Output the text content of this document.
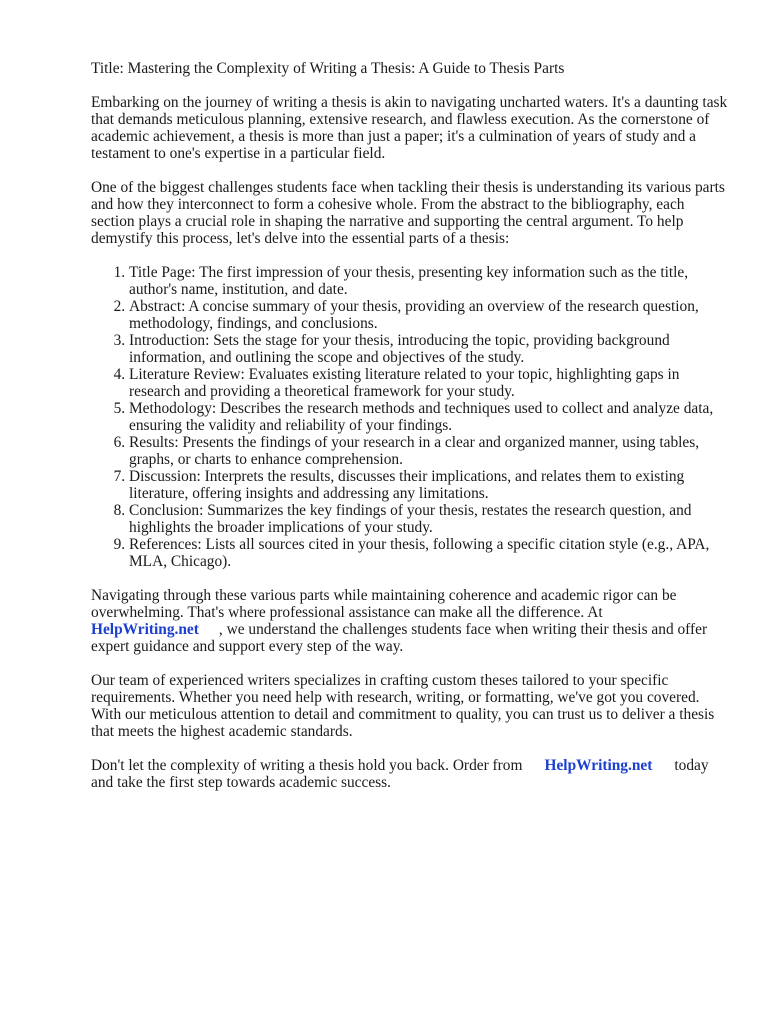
Title: Mastering the Complexity of Writing a Thesis: A Guide to Thesis Parts

Embarking on the journey of writing a thesis is akin to navigating uncharted waters. It's a daunting task that demands meticulous planning, extensive research, and flawless execution. As the cornerstone of academic achievement, a thesis is more than just a paper; it's a culmination of years of study and a testament to one's expertise in a particular field.

One of the biggest challenges students face when tackling their thesis is understanding its various parts and how they interconnect to form a cohesive whole. From the abstract to the bibliography, each section plays a crucial role in shaping the narrative and supporting the central argument. To help demystify this process, let's delve into the essential parts of a thesis:

1. Title Page: The first impression of your thesis, presenting key information such as the title, author's name, institution, and date.
2. Abstract: A concise summary of your thesis, providing an overview of the research question, methodology, findings, and conclusions.
3. Introduction: Sets the stage for your thesis, introducing the topic, providing background information, and outlining the scope and objectives of the study.
4. Literature Review: Evaluates existing literature related to your topic, highlighting gaps in research and providing a theoretical framework for your study.
5. Methodology: Describes the research methods and techniques used to collect and analyze data, ensuring the validity and reliability of your findings.
6. Results: Presents the findings of your research in a clear and organized manner, using tables, graphs, or charts to enhance comprehension.
7. Discussion: Interprets the results, discusses their implications, and relates them to existing literature, offering insights and addressing any limitations.
8. Conclusion: Summarizes the key findings of your thesis, restates the research question, and highlights the broader implications of your study.
9. References: Lists all sources cited in your thesis, following a specific citation style (e.g., APA, MLA, Chicago).

Navigating through these various parts while maintaining coherence and academic rigor can be overwhelming. That's where professional assistance can make all the difference. At
HelpWriting.net , we understand the challenges students face when writing their thesis and offer expert guidance and support every step of the way.

Our team of experienced writers specializes in crafting custom theses tailored to your specific requirements. Whether you need help with research, writing, or formatting, we've got you covered. With our meticulous attention to detail and commitment to quality, you can trust us to deliver a thesis that meets the highest academic standards.

Don't let the complexity of writing a thesis hold you back. Order from HelpWriting.net today and take the first step towards academic success.
